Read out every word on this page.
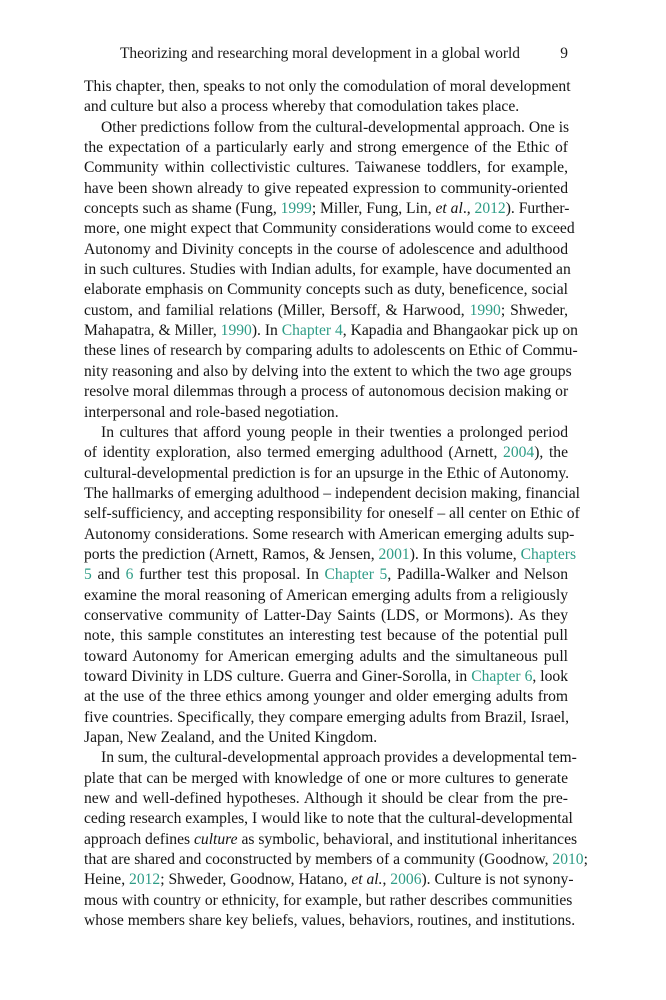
Theorizing and researching moral development in a global world	9
This chapter, then, speaks to not only the comodulation of moral development
and culture but also a process whereby that comodulation takes place.
Other predictions follow from the cultural-developmental approach. One is
the expectation of a particularly early and strong emergence of the Ethic of
Community within collectivistic cultures. Taiwanese toddlers, for example,
have been shown already to give repeated expression to community-oriented
concepts such as shame (Fung, 1999; Miller, Fung, Lin, et al., 2012). Further-
more, one might expect that Community considerations would come to exceed
Autonomy and Divinity concepts in the course of adolescence and adulthood
in such cultures. Studies with Indian adults, for example, have documented an
elaborate emphasis on Community concepts such as duty, beneficence, social
custom, and familial relations (Miller, Bersoff, & Harwood, 1990; Shweder,
Mahapatra, & Miller, 1990). In Chapter 4, Kapadia and Bhangaokar pick up on
these lines of research by comparing adults to adolescents on Ethic of Commu-
nity reasoning and also by delving into the extent to which the two age groups
resolve moral dilemmas through a process of autonomous decision making or
interpersonal and role-based negotiation.
In cultures that afford young people in their twenties a prolonged period
of identity exploration, also termed emerging adulthood (Arnett, 2004), the
cultural-developmental prediction is for an upsurge in the Ethic of Autonomy.
The hallmarks of emerging adulthood – independent decision making, financial
self-sufficiency, and accepting responsibility for oneself – all center on Ethic of
Autonomy considerations. Some research with American emerging adults sup-
ports the prediction (Arnett, Ramos, & Jensen, 2001). In this volume, Chapters
5 and 6 further test this proposal. In Chapter 5, Padilla-Walker and Nelson
examine the moral reasoning of American emerging adults from a religiously
conservative community of Latter-Day Saints (LDS, or Mormons). As they
note, this sample constitutes an interesting test because of the potential pull
toward Autonomy for American emerging adults and the simultaneous pull
toward Divinity in LDS culture. Guerra and Giner-Sorolla, in Chapter 6, look
at the use of the three ethics among younger and older emerging adults from
five countries. Specifically, they compare emerging adults from Brazil, Israel,
Japan, New Zealand, and the United Kingdom.
In sum, the cultural-developmental approach provides a developmental tem-
plate that can be merged with knowledge of one or more cultures to generate
new and well-defined hypotheses. Although it should be clear from the pre-
ceding research examples, I would like to note that the cultural-developmental
approach defines culture as symbolic, behavioral, and institutional inheritances
that are shared and coconstructed by members of a community (Goodnow, 2010;
Heine, 2012; Shweder, Goodnow, Hatano, et al., 2006). Culture is not synony-
mous with country or ethnicity, for example, but rather describes communities
whose members share key beliefs, values, behaviors, routines, and institutions.
